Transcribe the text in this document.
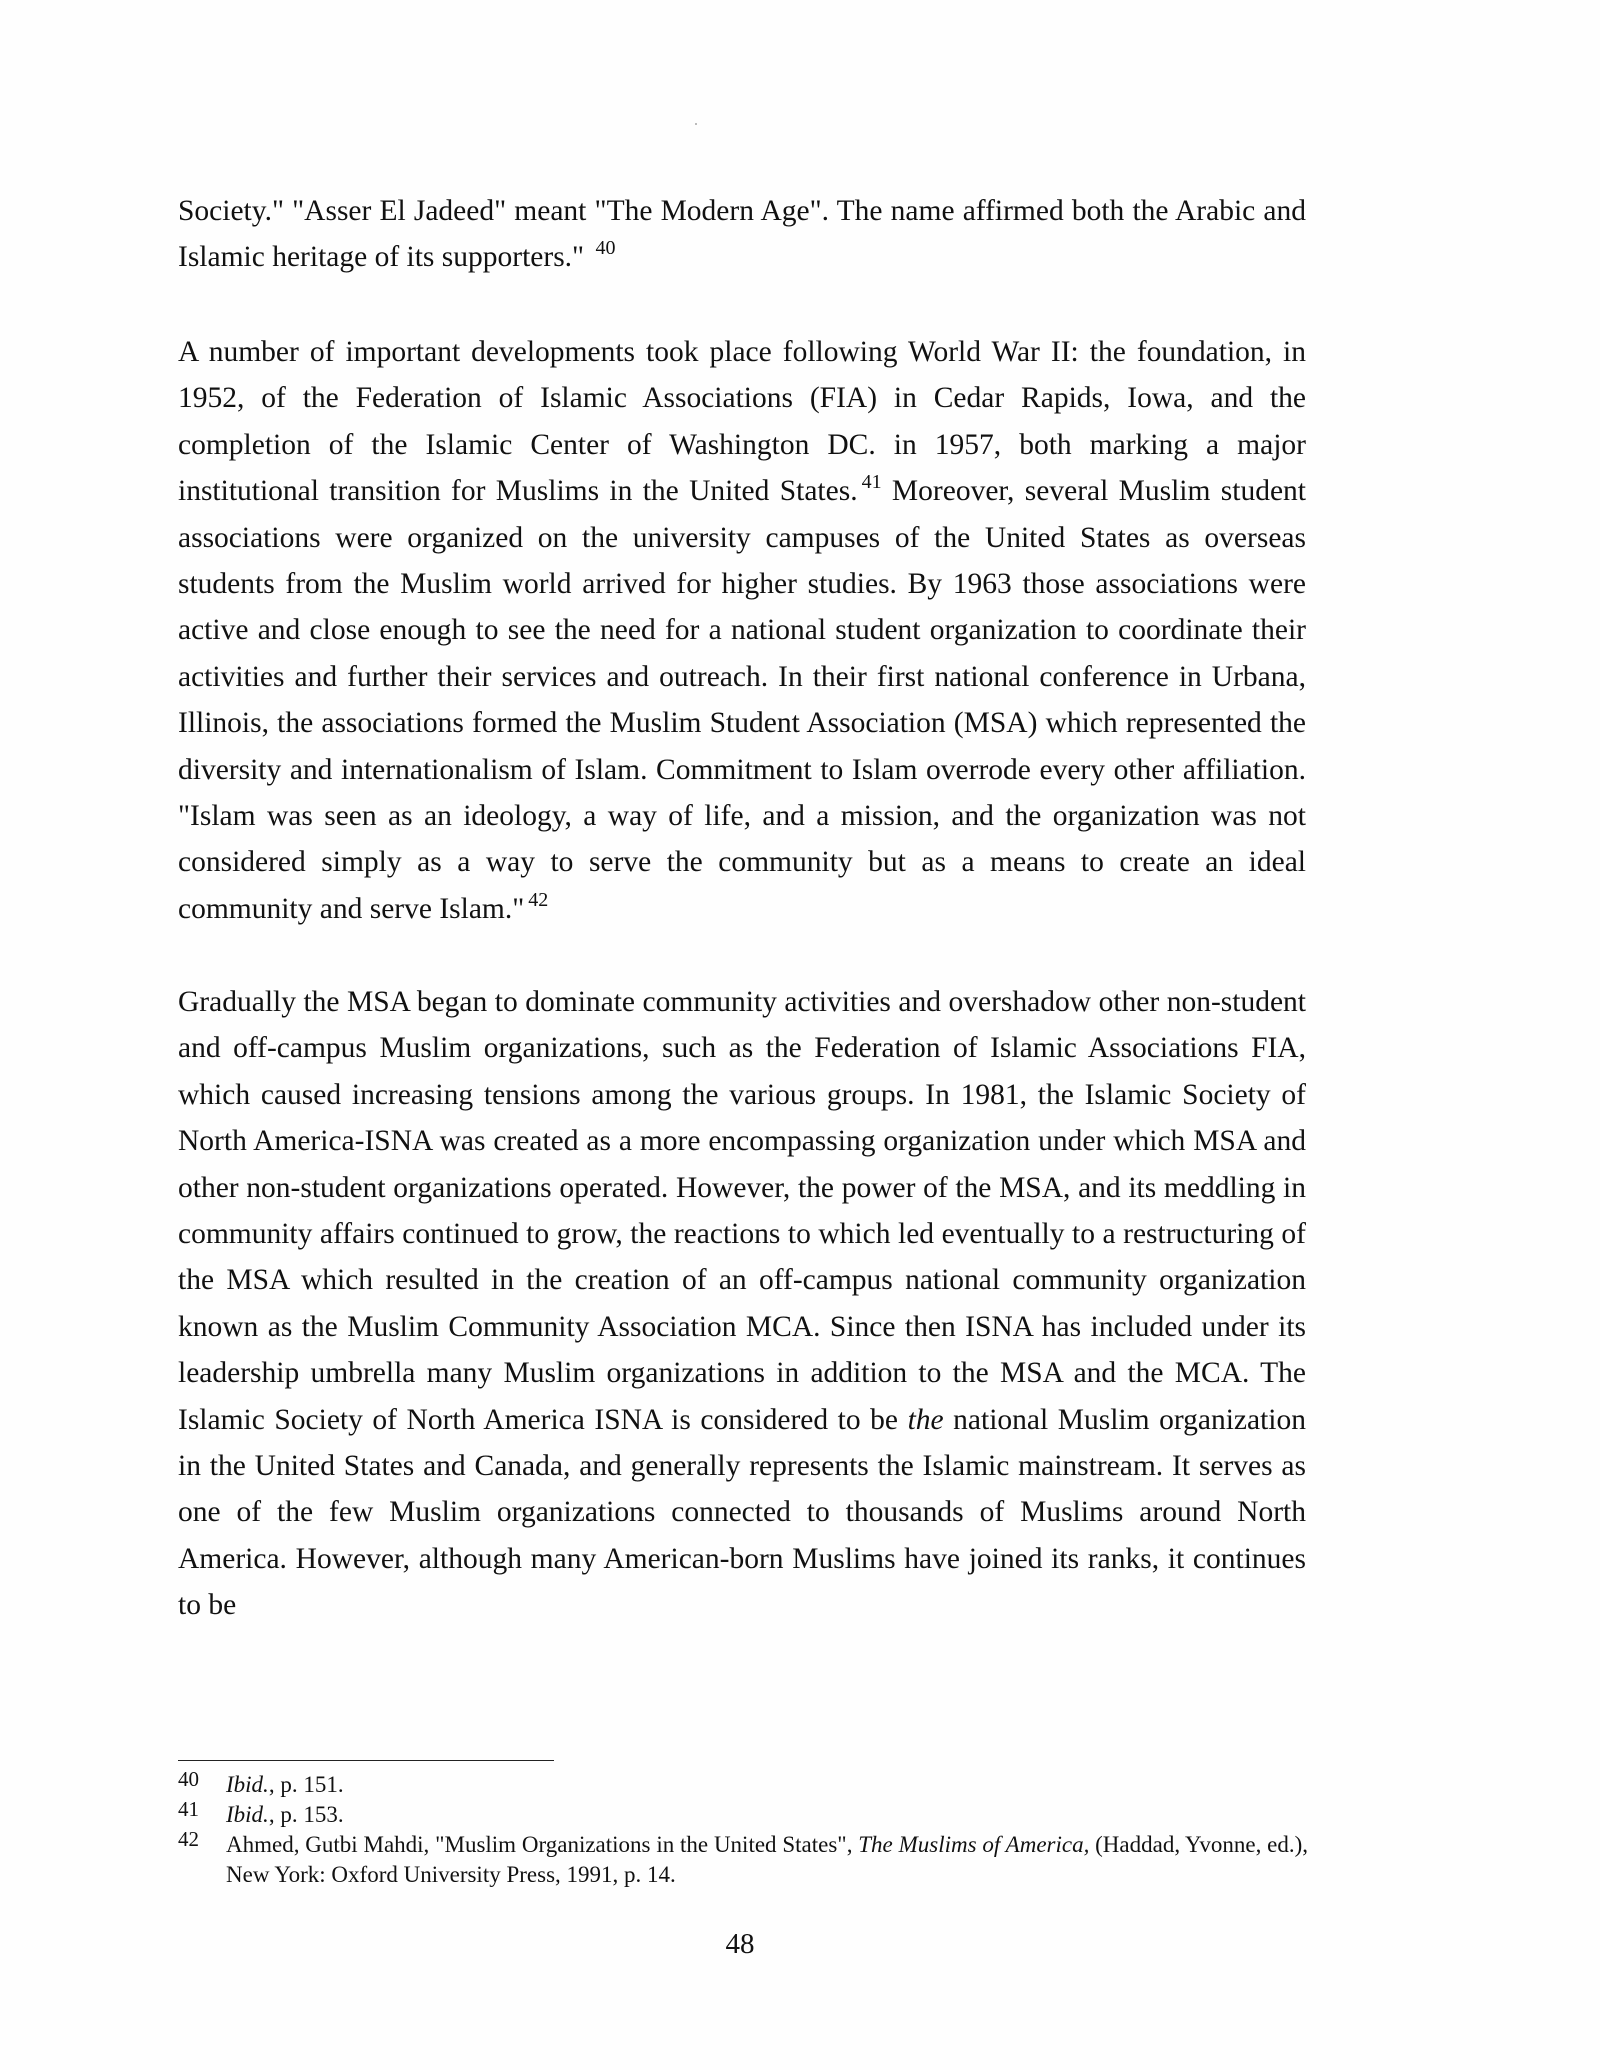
Society." "Asser El Jadeed" meant "The Modern Age". The name affirmed both the Arabic and Islamic heritage of its supporters." $^{40}$

A number of important developments took place following World War II: the foundation, in 1952, of the Federation of Islamic Associations (FIA) in Cedar Rapids, Iowa, and the completion of the Islamic Center of Washington DC. in 1957, both marking a major institutional transition for Muslims in the United States. $^{41}$ Moreover, several Muslim student associations were organized on the university campuses of the United States as overseas students from the Muslim world arrived for higher studies. By 1963 those associations were active and close enough to see the need for a national student organization to coordinate their activities and further their services and outreach. In their first national conference in Urbana, Illinois, the associations formed the Muslim Student Association (MSA) which represented the diversity and internationalism of Islam. Commitment to Islam overrode every other affiliation. "Islam was seen as an ideology, a way of life, and a mission, and the organization was not considered simply as a way to serve the community but as a means to create an ideal community and serve Islam." $^{42}$

Gradually the MSA began to dominate community activities and overshadow other non-student and off-campus Muslim organizations, such as the Federation of Islamic Associations FIA, which caused increasing tensions among the various groups. In 1981, the Islamic Society of North America-ISNA was created as a more encompassing organization under which MSA and other non-student organizations operated. However, the power of the MSA, and its meddling in community affairs continued to grow, the reactions to which led eventually to a restructuring of the MSA which resulted in the creation of an off-campus national community organization known as the Muslim Community Association MCA. Since then ISNA has included under its leadership umbrella many Muslim organizations in addition to the MSA and the MCA. The Islamic Society of North America ISNA is considered to be the national Muslim organization in the United States and Canada, and generally represents the Islamic mainstream. It serves as one of the few Muslim organizations connected to thousands of Muslims around North America. However, although many American-born Muslims have joined its ranks, it continues to be

40 Ibid., p. 151.
41 Ibid., p. 153.
42 Ahmed, Gutbi Mahdi, "Muslim Organizations in the United States", The Muslims of America, (Haddad, Yvonne, ed.), New York: Oxford University Press, 1991, p. 14.
48
